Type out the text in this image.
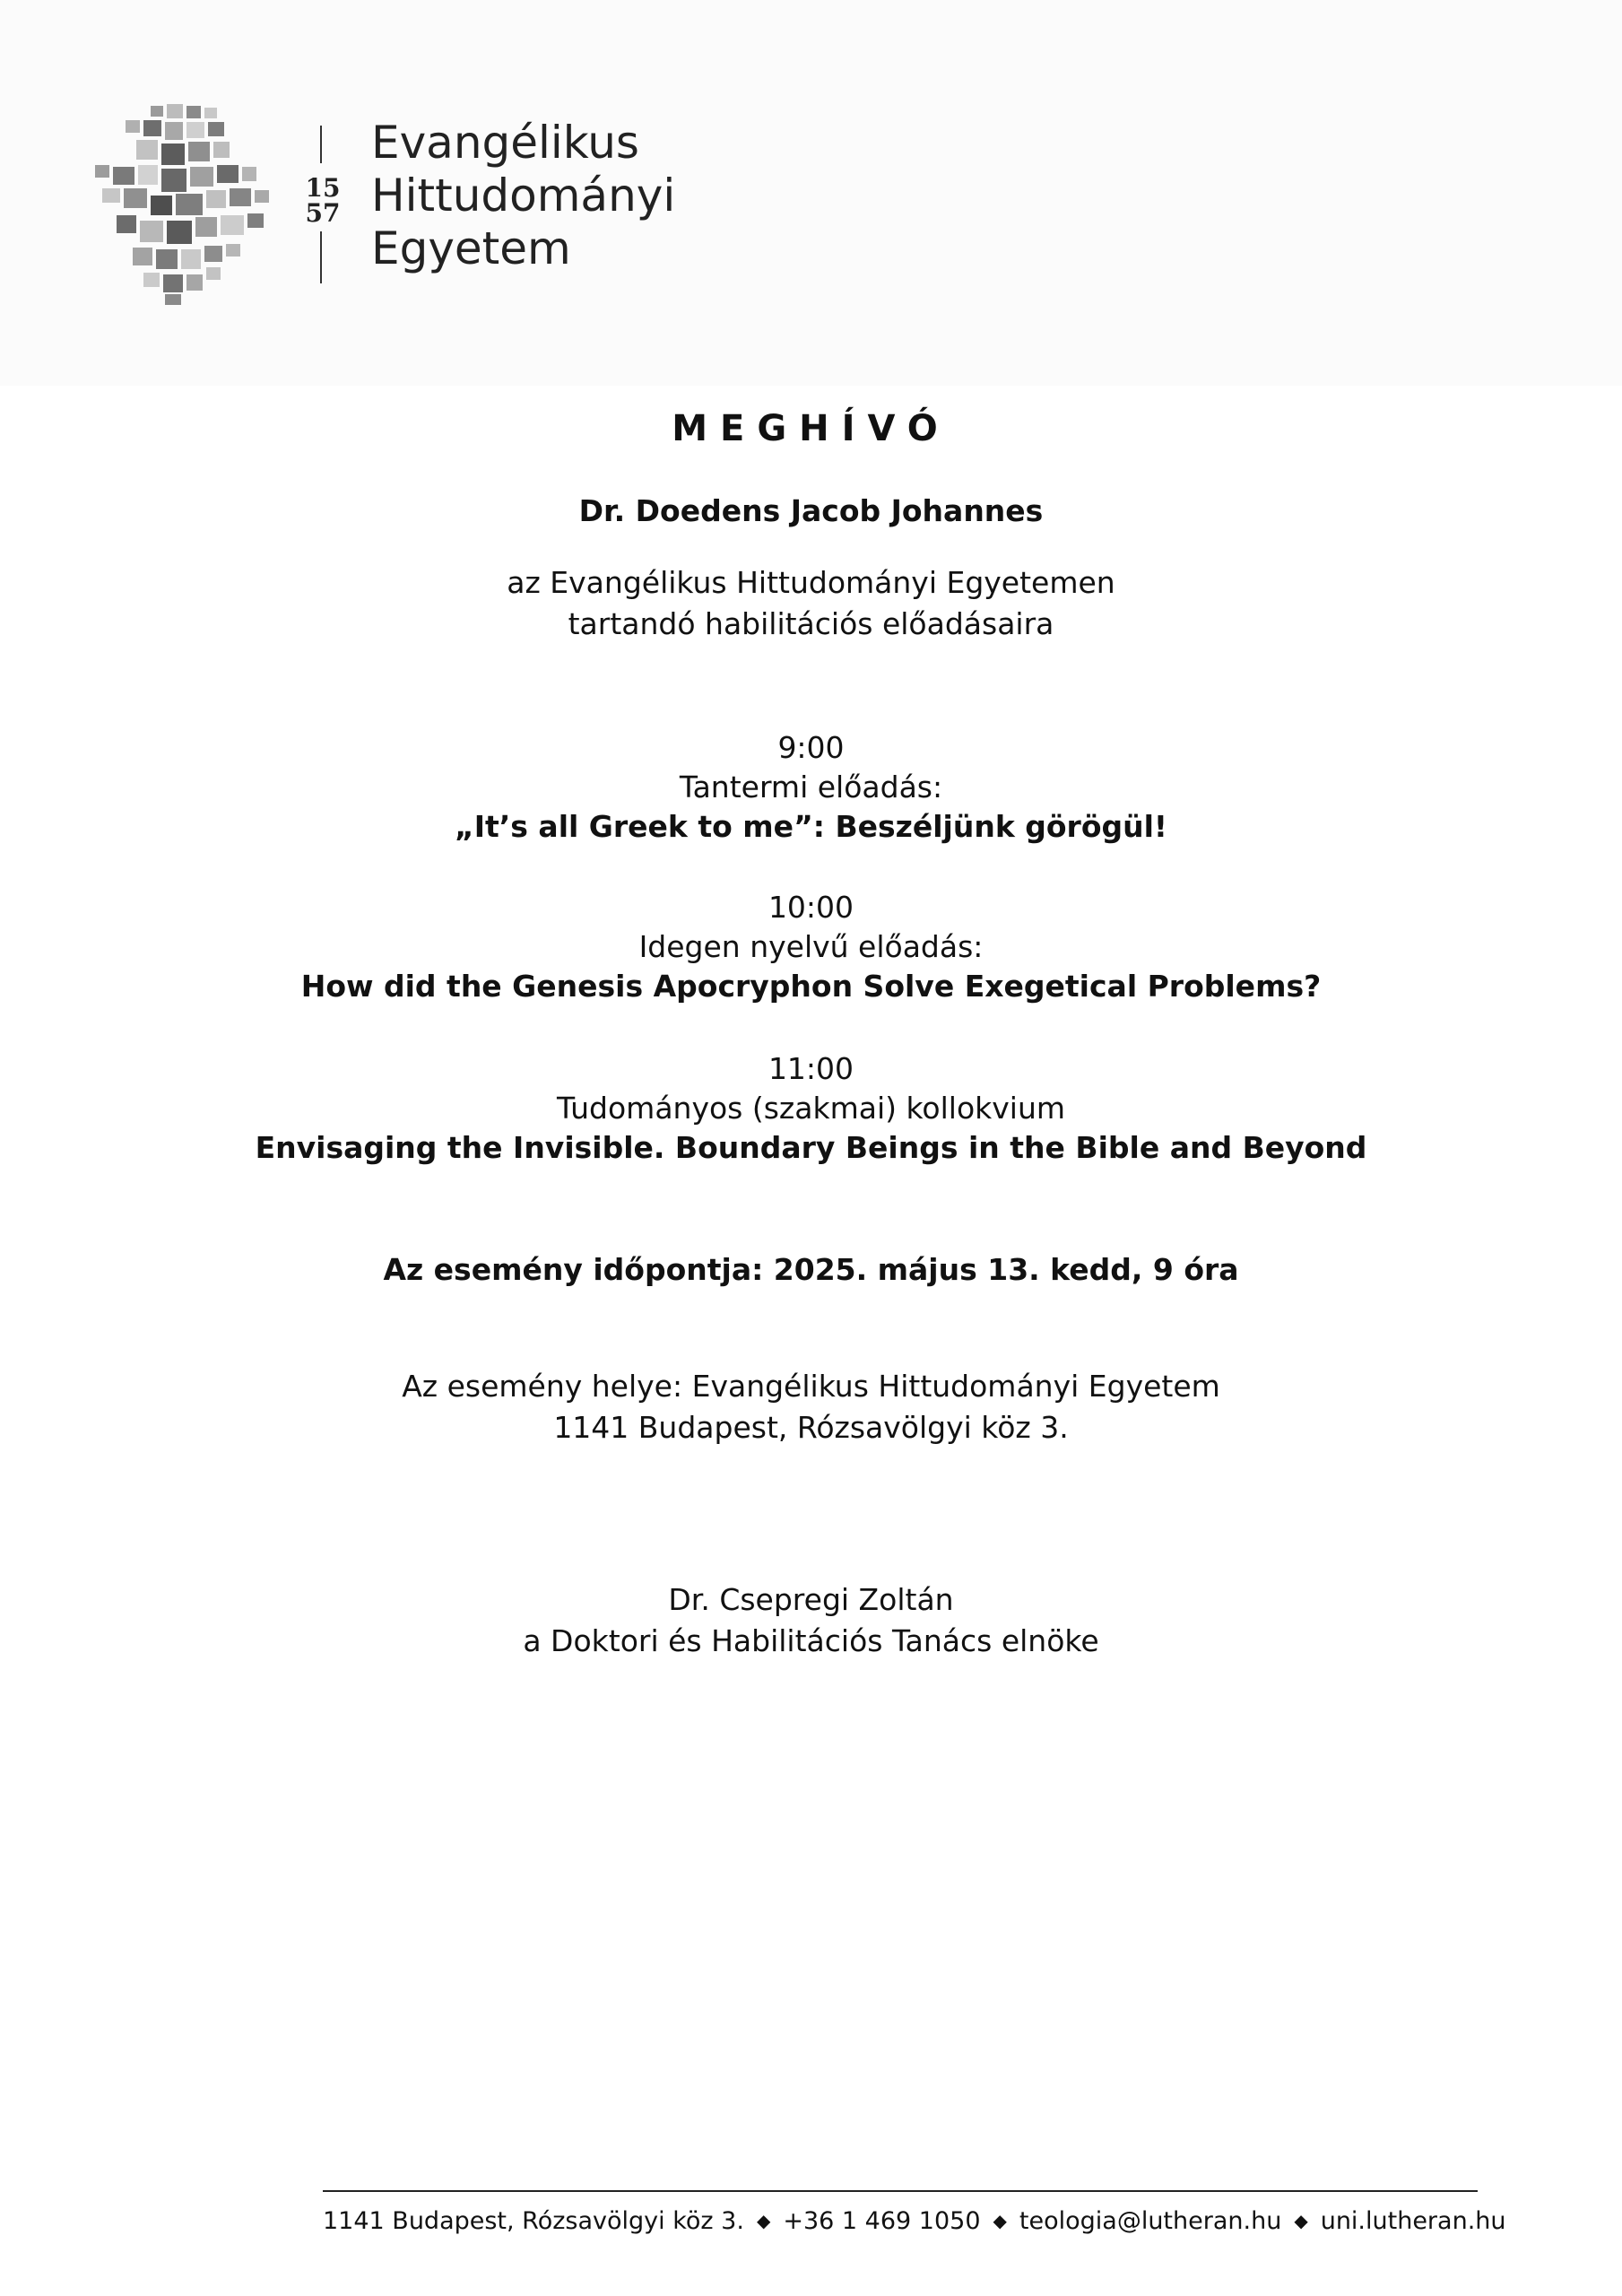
15
57
Evangélikus
Hittudományi
Egyetem
MEGHÍVÓ
Dr. Doedens Jacob Johannes
az Evangélikus Hittudományi Egyetemen
tartandó habilitációs előadásaira
9:00
Tantermi előadás:
„It’s all Greek to me”: Beszéljünk görögül!
10:00
Idegen nyelvű előadás:
How did the Genesis Apocryphon Solve Exegetical Problems?
11:00
Tudományos (szakmai) kollokvium
Envisaging the Invisible. Boundary Beings in the Bible and Beyond
Az esemény időpontja: 2025. május 13. kedd, 9 óra
Az esemény helye: Evangélikus Hittudományi Egyetem
1141 Budapest, Rózsavölgyi köz 3.
Dr. Csepregi Zoltán
a Doktori és Habilitációs Tanács elnöke
1141 Budapest, Rózsavölgyi köz 3. ◆ +36 1 469 1050 ◆ teologia@lutheran.hu ◆ uni.lutheran.hu
